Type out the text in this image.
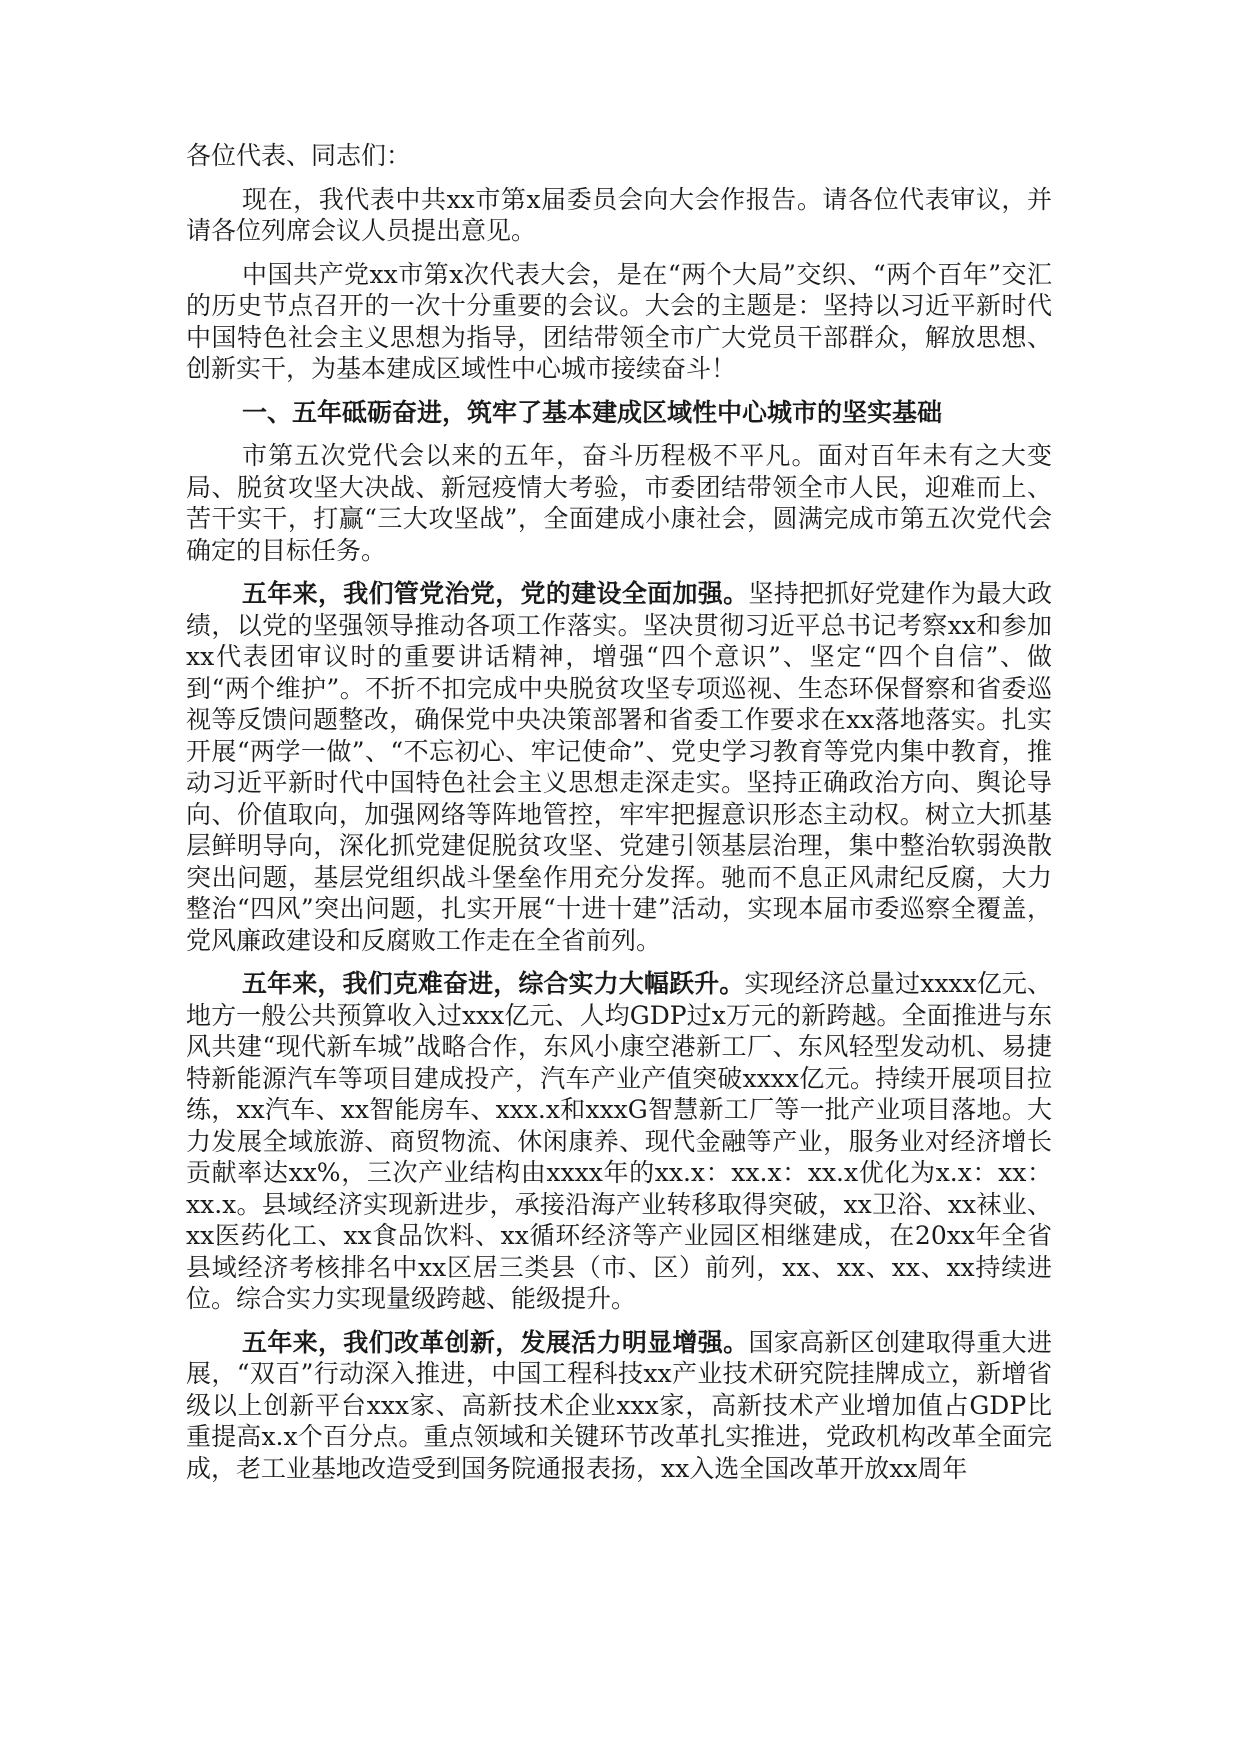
各位代表、同志们：

现在，我代表中共xx市第x届委员会向大会作报告。请各位代表审议，并请各位列席会议人员提出意见。

中国共产党xx市第x次代表大会，是在“两个大局”交织、“两个百年”交汇的历史节点召开的一次十分重要的会议。大会的主题是：坚持以习近平新时代中国特色社会主义思想为指导，团结带领全市广大党员干部群众，解放思想、创新实干，为基本建成区域性中心城市接续奋斗！

一、五年砥砺奋进，筑牢了基本建成区域性中心城市的坚实基础

市第五次党代会以来的五年，奋斗历程极不平凡。面对百年未有之大变局、脱贫攻坚大决战、新冠疫情大考验，市委团结带领全市人民，迎难而上、苦干实干，打赢“三大攻坚战”，全面建成小康社会，圆满完成市第五次党代会确定的目标任务。

五年来，我们管党治党，党的建设全面加强。坚持把抓好党建作为最大政绩，以党的坚强领导推动各项工作落实。坚决贯彻习近平总书记考察xx和参加xx代表团审议时的重要讲话精神，增强“四个意识”、坚定“四个自信”、做到“两个维护”。不折不扣完成中央脱贫攻坚专项巡视、生态环保督察和省委巡视等反馈问题整改，确保党中央决策部署和省委工作要求在xx落地落实。扎实开展“两学一做”、“不忘初心、牢记使命”、党史学习教育等党内集中教育，推动习近平新时代中国特色社会主义思想走深走实。坚持正确政治方向、舆论导向、价值取向，加强网络等阵地管控，牢牢把握意识形态主动权。树立大抓基层鲜明导向，深化抓党建促脱贫攻坚、党建引领基层治理，集中整治软弱涣散突出问题，基层党组织战斗堡垒作用充分发挥。驰而不息正风肃纪反腐，大力整治“四风”突出问题，扎实开展“十进十建”活动，实现本届市委巡察全覆盖，党风廉政建设和反腐败工作走在全省前列。

五年来，我们克难奋进，综合实力大幅跃升。实现经济总量过xxxx亿元、地方一般公共预算收入过xxx亿元、人均GDP过x万元的新跨越。全面推进与东风共建“现代新车城”战略合作，东风小康空港新工厂、东风轻型发动机、易捷特新能源汽车等项目建成投产，汽车产业产值突破xxxx亿元。持续开展项目拉练，xx汽车、xx智能房车、xxx.x和xxxG智慧新工厂等一批产业项目落地。大力发展全域旅游、商贸物流、休闲康养、现代金融等产业，服务业对经济增长贡献率达xx%，三次产业结构由xxxx年的xx.x：xx.x：xx.x优化为x.x：xx：xx.x。县域经济实现新进步，承接沿海产业转移取得突破，xx卫浴、xx袜业、xx医药化工、xx食品饮料、xx循环经济等产业园区相继建成，在20xx年全省县域经济考核排名中xx区居三类县（市、区）前列，xx、xx、xx、xx持续进位。综合实力实现量级跨越、能级提升。

五年来，我们改革创新，发展活力明显增强。国家高新区创建取得重大进展，“双百”行动深入推进，中国工程科技xx产业技术研究院挂牌成立，新增省级以上创新平台xxx家、高新技术企业xxx家，高新技术产业增加值占GDP比重提高x.x个百分点。重点领域和关键环节改革扎实推进，党政机构改革全面完成，老工业基地改造受到国务院通报表扬，xx入选全国改革开放xx周年
